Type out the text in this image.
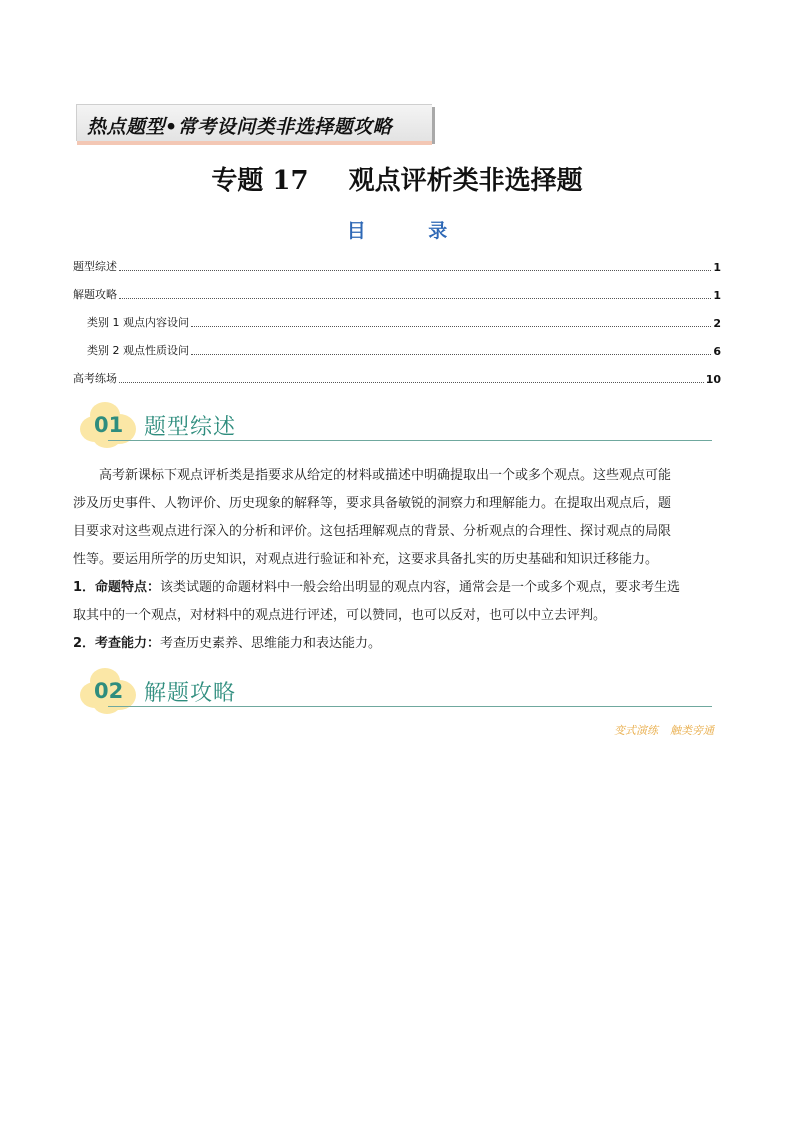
热点题型•常考设问类非选择题攻略
专题 17 观点评析类非选择题
目 录
题型综述	1
解题攻略	1
类别 1 观点内容设问	2
类别 2 观点性质设问	6
高考练场	10
01 题型综述
高考新课标下观点评析类是指要求从给定的材料或描述中明确提取出一个或多个观点。这些观点可能
涉及历史事件、人物评价、历史现象的解释等，要求具备敏锐的洞察力和理解能力。在提取出观点后，题
目要求对这些观点进行深入的分析和评价。这包括理解观点的背景、分析观点的合理性、探讨观点的局限
性等。要运用所学的历史知识，对观点进行验证和补充，这要求具备扎实的历史基础和知识迁移能力。
1．命题特点：该类试题的命题材料中一般会给出明显的观点内容，通常会是一个或多个观点，要求考生选
取其中的一个观点，对材料中的观点进行评述，可以赞同，也可以反对，也可以中立去评判。
2．考查能力：考查历史素养、思维能力和表达能力。
02 解题攻略
变式演练 触类旁通
